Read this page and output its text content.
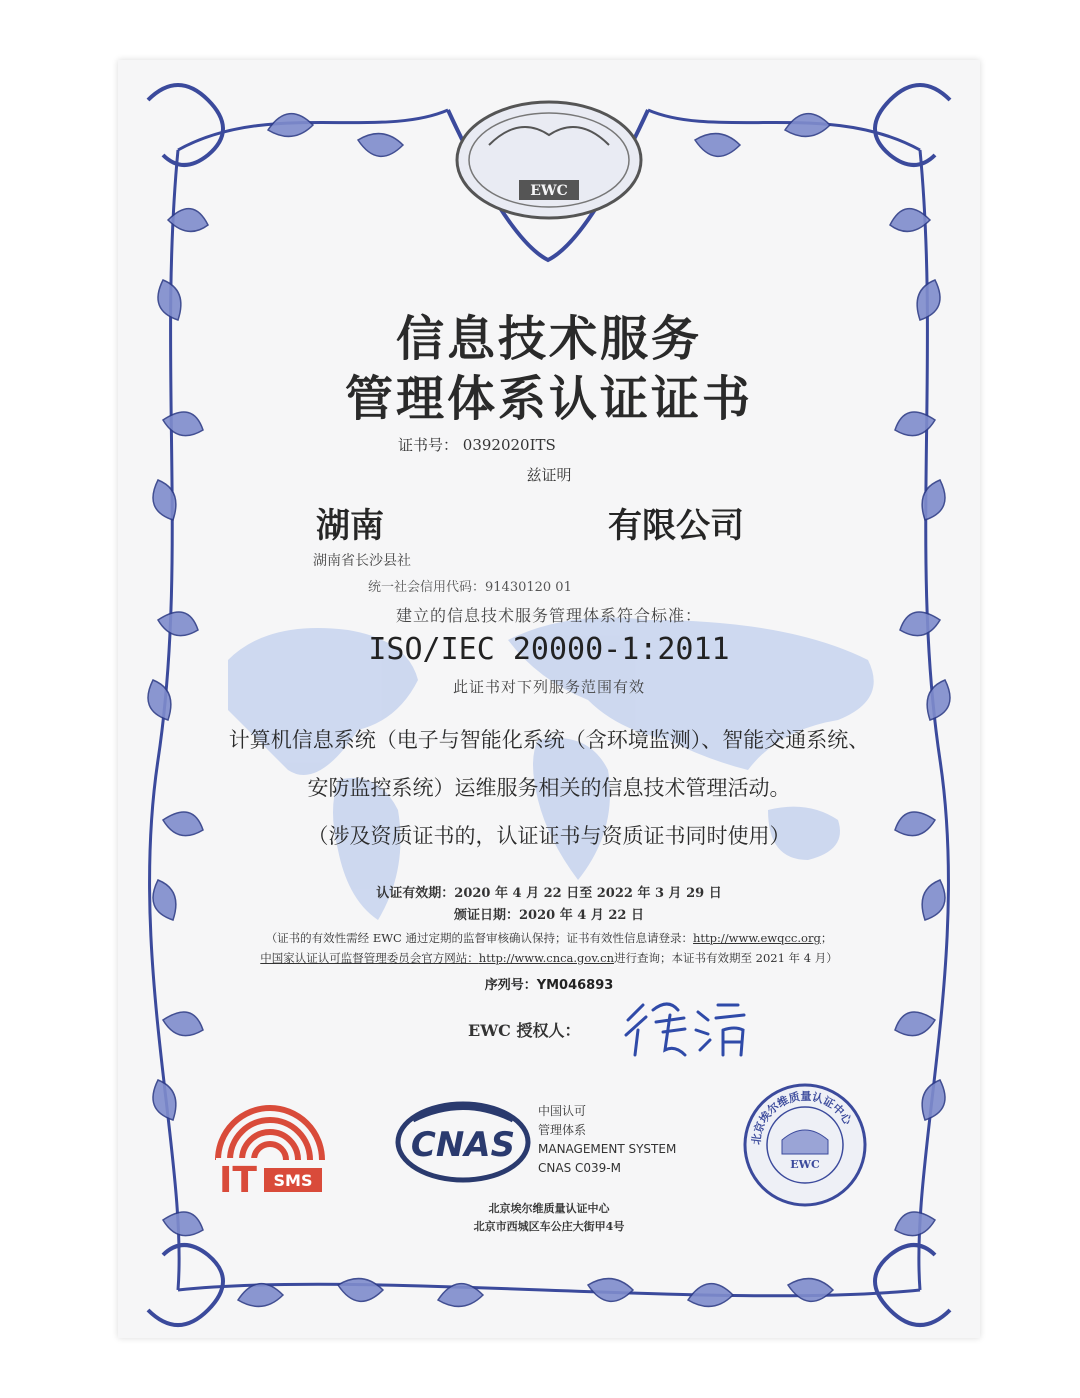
EWC
信息技术服务
管理体系认证证书
证书号： 0392020ITS
兹证明
湖南	有限公司
湖南省长沙县社
统一社会信用代码：91430120 01
建立的信息技术服务管理体系符合标准：
ISO/IEC 20000-1:2011
此证书对下列服务范围有效
计算机信息系统（电子与智能化系统（含环境监测）、智能交通系统、
安防监控系统）运维服务相关的信息技术管理活动。
（涉及资质证书的，认证证书与资质证书同时使用）
认证有效期：2020 年 4 月 22 日至 2022 年 3 月 29 日
颁证日期：2020 年 4 月 22 日
（证书的有效性需经 EWC 通过定期的监督审核确认保持；证书有效性信息请登录：http://www.ewqcc.org；
中国家认证认可监督管理委员会官方网站：http://www.cnca.gov.cn进行查询；本证书有效期至 2021 年 4 月）
序列号：YM046893
EWC 授权人：
IT SMS
CNAS
中国认可
管理体系
MANAGEMENT SYSTEM
CNAS C039-M
北京埃尔维质量认证中心
EWC
北京埃尔维质量认证中心
北京市西城区车公庄大街甲4号
